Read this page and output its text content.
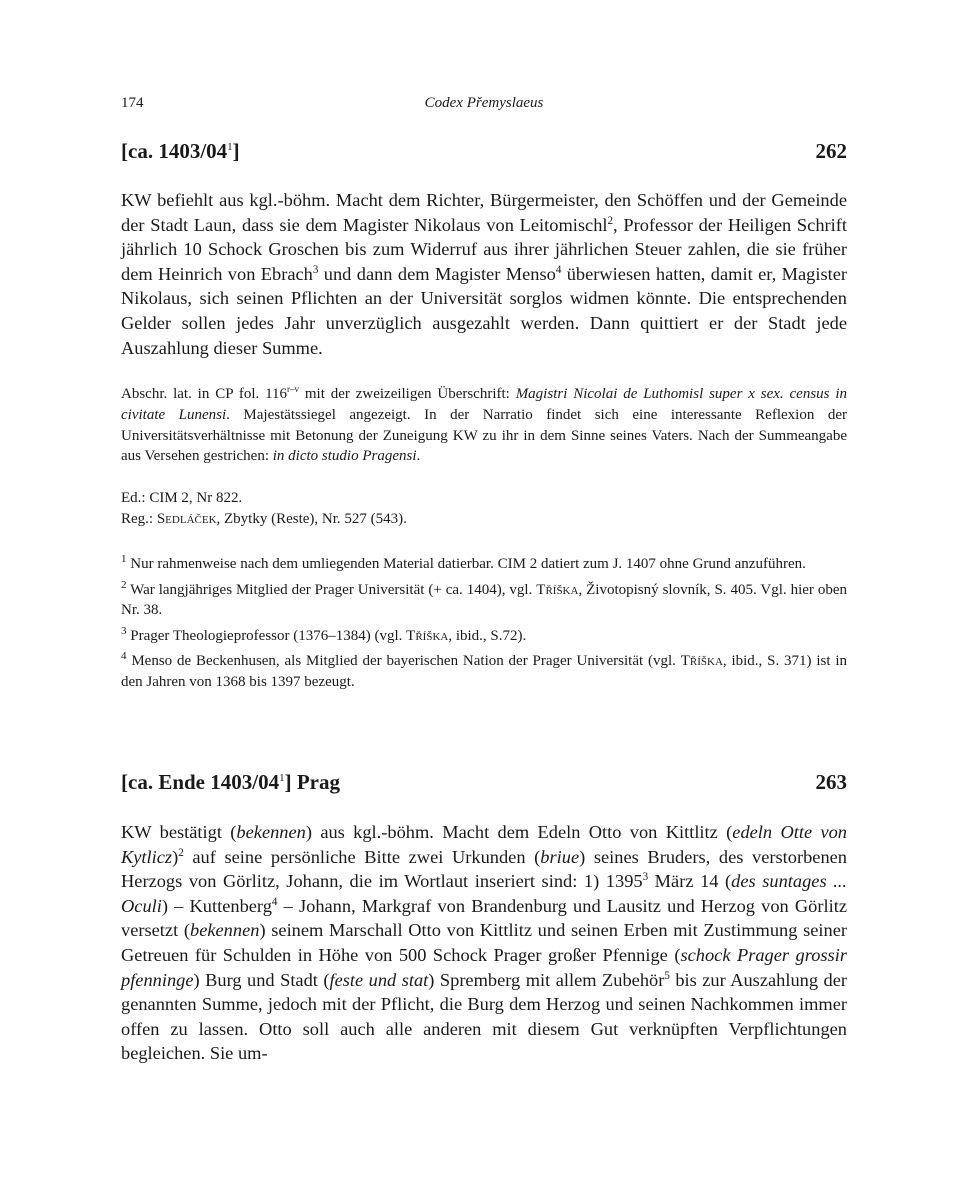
174	Codex Přemyslaeus
[ca. $1403/04^1$]	262

KW befiehlt aus kgl.-böhm. Macht dem Richter, Bürgermeister, den Schöffen und der Gemeinde der Stadt Laun, dass sie dem Magister Nikolaus von Leitomischl$^2$, Professor der Heiligen Schrift jährlich 10 Schock Groschen bis zum Widerruf aus ihrer jährlichen Steuer zahlen, die sie früher dem Heinrich von Ebrach$^3$ und dann dem Magister Menso$^4$ überwiesen hatten, damit er, Magister Nikolaus, sich seinen Pflichten an der Universität sorglos widmen könnte. Die entsprechenden Gelder sollen jedes Jahr unverzüglich ausgezahlt werden. Dann quittiert er der Stadt jede Auszahlung dieser Summe.

Abschr. lat. in CP fol. 116$^{r-v}$ mit der zweizeiligen Überschrift: Magistri Nicolai de Luthomisl super x sex. census in civitate Lunensi. Majestätssiegel angezeigt. In der Narratio findet sich eine interessante Reflexion der Universitätsverhältnisse mit Betonung der Zuneigung KW zu ihr in dem Sinne seines Vaters. Nach der Summeangabe aus Versehen gestrichen: in dicto studio Pragensi.

Ed.: CIM 2, Nr 822.
Reg.: Sedláček, Zbytky (Reste), Nr. 527 (543).
$^1$ Nur rahmenweise nach dem umliegenden Material datierbar. CIM 2 datiert zum J. 1407 ohne Grund anzuführen.
$^2$ War langjähriges Mitglied der Prager Universität (+ ca. 1404), vgl. Tříška, Životopisný slovník, S. 405. Vgl. hier oben Nr. 38.
$^3$ Prager Theologieprofessor (1376–1384) (vgl. Tříška, ibid., S.72).
$^4$ Menso de Beckenhusen, als Mitglied der bayerischen Nation der Prager Universität (vgl. Tříška, ibid., S. 371) ist in den Jahren von 1368 bis 1397 bezeugt.
[ca. Ende $1403/04^1$] Prag	263

KW bestätigt (bekennen) aus kgl.-böhm. Macht dem Edeln Otto von Kittlitz (edeln Otte von Kytlicz)$^2$ auf seine persönliche Bitte zwei Urkunden (briue) seines Bruders, des verstorbenen Herzogs von Görlitz, Johann, die im Wortlaut inseriert sind: 1) 1395$^3$ März 14 (des suntages ... Oculi) – Kuttenberg$^4$ – Johann, Markgraf von Brandenburg und Lausitz und Herzog von Görlitz versetzt (bekennen) seinem Marschall Otto von Kittlitz und seinen Erben mit Zustimmung seiner Getreuen für Schulden in Höhe von 500 Schock Prager großer Pfennige (schock Prager grossir pfenninge) Burg und Stadt (feste und stat) Spremberg mit allem Zubehör$^5$ bis zur Auszahlung der genannten Summe, jedoch mit der Pflicht, die Burg dem Herzog und seinen Nachkommen immer offen zu lassen. Otto soll auch alle anderen mit diesem Gut verknüpften Verpflichtungen begleichen. Sie um-
